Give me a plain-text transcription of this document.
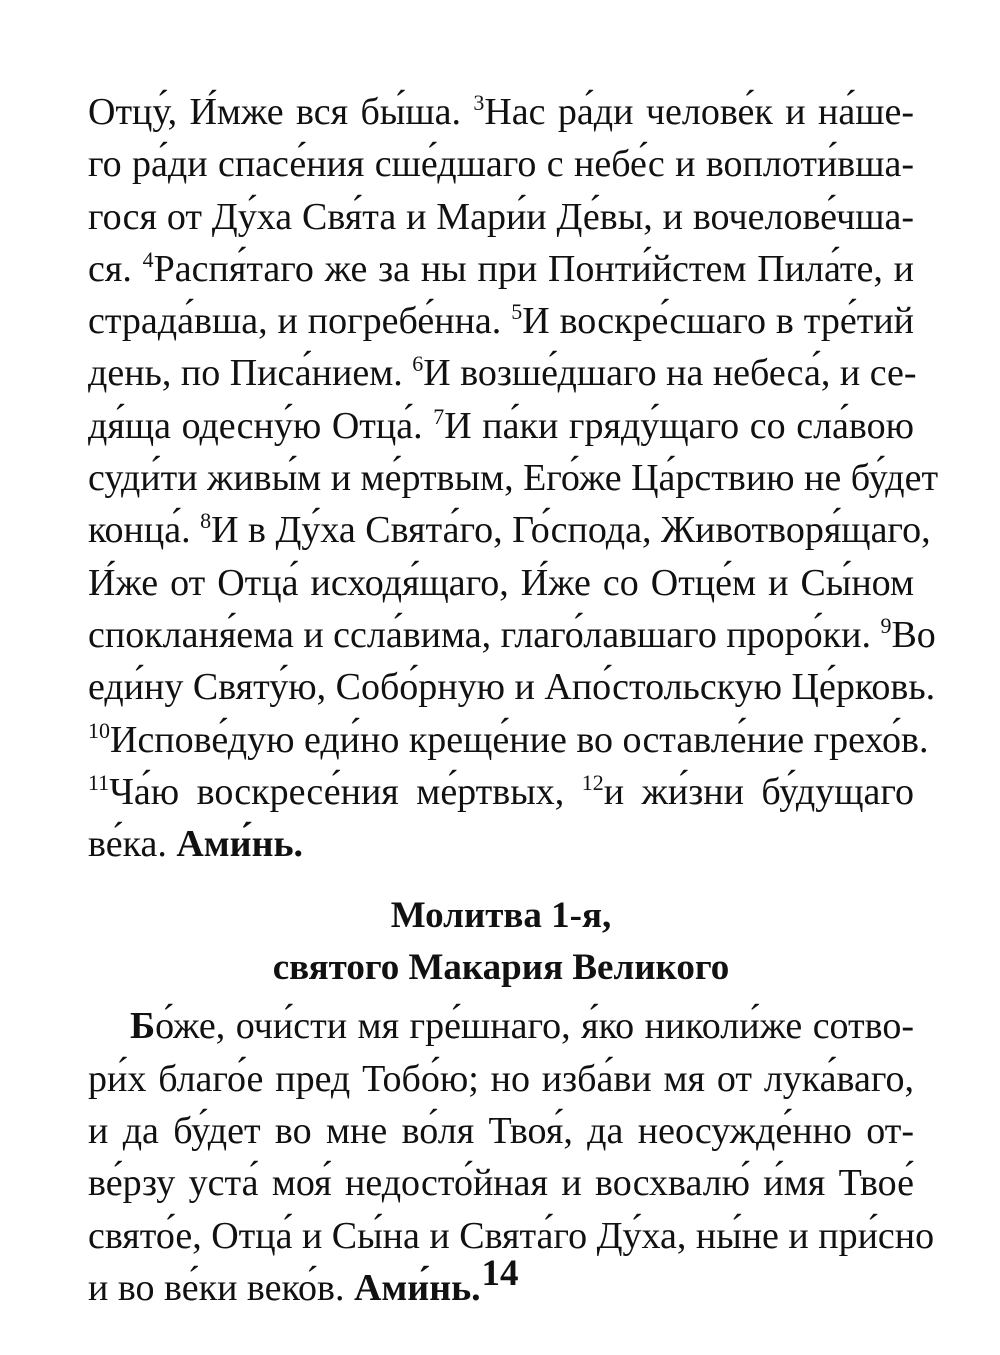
Отцу́, И́мже вся бы́ша. $^3$Нас ра́ди челове́к и на́ше-
го ра́ди спасе́ния сше́дшаго с небе́с и воплоти́вша-
гося от Ду́ха Свя́та и Мари́и Де́вы, и вочелове́чша-
ся. $^4$Распя́таго же за ны при Понти́йстем Пила́те, и
страда́вша, и погребе́нна. $^5$И воскре́сшаго в тре́тий
день, по Писа́нием. $^6$И возше́дшаго на небеса́, и се-
дя́ща одесну́ю Отца́. $^7$И па́ки гряду́щаго со сла́вою
суди́ти живы́м и ме́ртвым, Его́же Ца́рствию не бу́дет
конца́. $^8$И в Ду́ха Свята́го, Го́спода, Животворя́щаго,
И́же от Отца́ исходя́щаго, И́же со Отце́м и Сы́ном
спокланя́ема и ссла́вима, глаго́лавшаго проро́ки. $^9$Во
еди́ну Святу́ю, Собо́рную и Апо́стольскую Це́рковь.
$^{10}$Испове́дую еди́но креще́ние во оставле́ние грехо́в.
$^{11}$Ча́ю воскресе́ния ме́ртвых, $^{12}$и жи́зни бу́дущаго
ве́ка. Ами́нь.
Молитва 1-я,
святого Макария Великого
Бо́же, очи́сти мя гре́шнаго, я́ко николи́же сотво-
ри́х благо́е пред Тобо́ю; но изба́ви мя от лука́ваго,
и да бу́дет во мне во́ля Твоя́, да неосужде́нно от-
ве́рзу уста́ моя́ недосто́йная и восхвалю́ и́мя Твое́
свято́е, Отца́ и Сы́на и Свята́го Ду́ха, ны́не и при́сно
и во ве́ки веко́в. Ами́нь. 14
